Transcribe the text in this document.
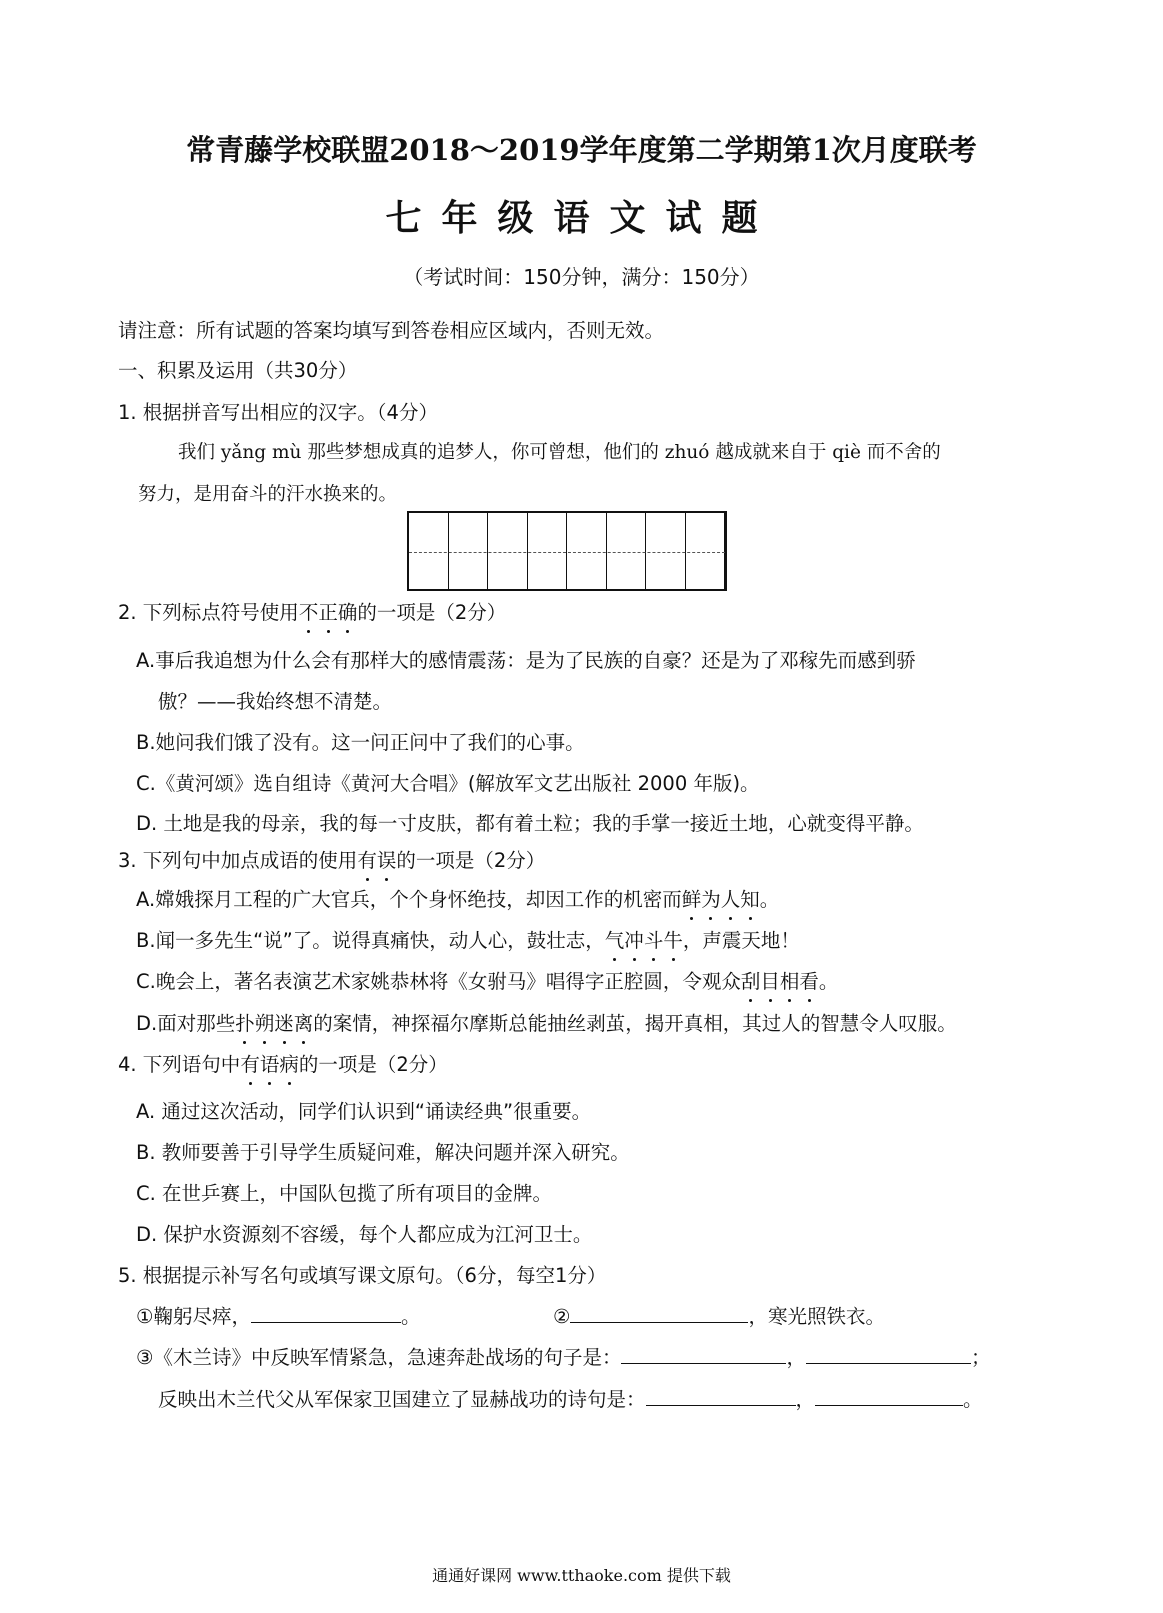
常青藤学校联盟2018～2019学年度第二学期第1次月度联考
七年级语文试题
（考试时间：150分钟，满分：150分）
请注意：所有试题的答案均填写到答卷相应区域内，否则无效。
一、积累及运用（共30分）
1. 根据拼音写出相应的汉字。（4分）
我们 yǎng mù 那些梦想成真的追梦人，你可曾想，他们的 zhuó 越成就来自于 qiè 而不舍的
努力，是用奋斗的汗水换来的。
2. 下列标点符号使用不正确的一项是（2分）
A.事后我追想为什么会有那样大的感情震荡：是为了民族的自豪？还是为了邓稼先而感到骄
傲？——我始终想不清楚。
B.她问我们饿了没有。这一问正问中了我们的心事。
C.《黄河颂》选自组诗《黄河大合唱》(解放军文艺出版社 2000 年版)。
D. 土地是我的母亲，我的每一寸皮肤，都有着土粒；我的手掌一接近土地，心就变得平静。
3. 下列句中加点成语的使用有误的一项是（2分）
A.嫦娥探月工程的广大官兵，个个身怀绝技，却因工作的机密而鲜为人知。
B.闻一多先生“说”了。说得真痛快，动人心，鼓壮志，气冲斗牛，声震天地！
C.晚会上，著名表演艺术家姚恭林将《女驸马》唱得字正腔圆，令观众刮目相看。
D.面对那些扑朔迷离的案情，神探福尔摩斯总能抽丝剥茧，揭开真相，其过人的智慧令人叹服。
4. 下列语句中有语病的一项是（2分）
A. 通过这次活动，同学们认识到“诵读经典”很重要。
B. 教师要善于引导学生质疑问难，解决问题并深入研究。
C. 在世乒赛上，中国队包揽了所有项目的金牌。
D. 保护水资源刻不容缓，每个人都应成为江河卫士。
5. 根据提示补写名句或填写课文原句。（6分，每空1分）
①鞠躬尽瘁，	。	②	，寒光照铁衣。
③《木兰诗》中反映军情紧急，急速奔赴战场的句子是：	，	；
反映出木兰代父从军保家卫国建立了显赫战功的诗句是：	，	。
通通好课网 www.tthaoke.com 提供下载
